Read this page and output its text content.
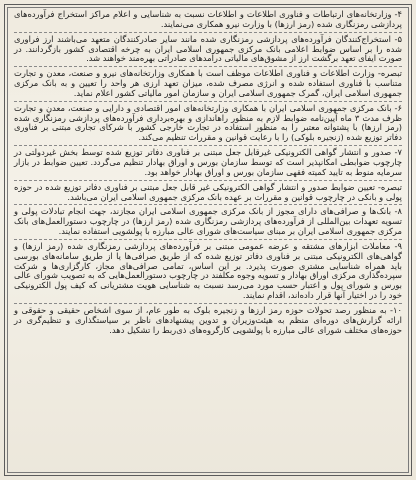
۴- وزارتخانه‌های ارتباطات و فناوری اطلاعات و اطلاعات نسبت به شناسایی و اعلام مراکز استخراج فرآورده‌های پردازشی رمزنگاری شده (رمز ارزها) با وزارت نیرو همکاری می‌نمایند.

۵- استخراج‌کنندگان فرآورده‌های پردازشی رمزنگاری شده مانند سایر صادرکنندگان متعهد می‌باشند ارز فراوری شده را بر اساس ضوابط اعلامی بانک مرکزی جمهوری اسلامی ایران به چرخه اقتصادی کشور بازگردانند. در صورت ایفای تعهد برگشت ارز از مشوق‌های مالیاتی درآمدهای صادراتی بهره‌مند خواهند شد.

تبصره- وزارت اطلاعات و فناوری اطلاعات موظف است با همکاری وزارتخانه‌های نیرو و صنعت، معدن و تجارت متناسب با فناوری استفاده شده و انرژی مصرف شده، میزان تعهد ارزی هر واحد را تعیین و به بانک مرکزی جمهوری اسلامی ایران، گمرک جمهوری اسلامی ایران و سازمان امور مالیاتی کشور اعلام نماید.

۶- بانک مرکزی جمهوری اسلامی ایران با همکاری وزارتخانه‌های امور اقتصادی و دارایی و صنعت، معدن و تجارت ظرف مدت ۳ ماه آیین‌نامه ضوابط لازم به منظور راهاندازی و بهره‌برداری فرآورده‌های پردازشی رمزنگاری شده (رمز ارزها) با پشتوانه معتبر را به منظور استفاده در تجارت خارجی کشور با شرکای تجاری مبتنی بر فناوری دفاتر توزیع شده (زنجیره بلوکی) را با رعایت قوانین و مقررات تنظیم می‌کند.

۷- صدور و انتشار گواهی الکترونیکی غیرقابل جعل مبتنی بر فناوری دفاتر توزیع شده توسط بخش غیردولتی در چارچوب ضوابطی امکانپذیر است که توسط سازمان بورس و اوراق بهادار تنظیم می‌گردد. تعیین ضوابط در بازار سرمایه منوط به تایید کمیته فقهی سازمان بورس و اوراق بهادار خواهد بود.

تبصره- تعیین ضوابط صدور و انتشار گواهی الکترونیکی غیر قابل جعل مبتنی بر فناوری دفاتر توزیع شده در حوزه پولی و بانکی در چارچوب قوانین و مقررات بر عهده بانک مرکزی جمهوری اسلامی ایران می‌باشد.

۸- بانک‌ها و صرافی‌های دارای مجوز از بانک مرکزی جمهوری اسلامی ایران مجازند، جهت انجام تبادلات پولی و تسویه تعهدات بین‌المللی از فرآورده‌های پردازشی رمزنگاری شده (رمز ارزها) در چارچوب دستورالعمل‌های بانک مرکزی جمهوری اسلامی ایران بر مبنای سیاست‌های شورای عالی مبارزه با پولشویی استفاده نمایند.

۹- معاملات ابزارهای مشتقه و عرضه عمومی مبتنی بر فرآورده‌های پردازشی رمزنگاری شده (رمز ارزها) و گواهی‌های الکترونیکی مبتنی بر فناوری دفاتر توزیع شده که از طریق صرافی‌ها یا از طریق سامانه‌های بورسی باید همراه شناسایی مشتری صورت پذیرد. بر این اساس، تمامی صرافی‌های مجاز، کارگزاری‌ها و شرکت سپرده‌گذاری مرکزی اوراق بهادار و تسویه وجوه مکلفند در چارچوب دستورالعمل‌هایی که به تصویب شورای عالی بورس و شورای پول و اعتبار حسب مورد می‌رسد نسبت به شناسایی هویت مشتریانی که کیف پول الکترونیکی خود را در اختیار آنها قرار داده‌اند، اقدام نمایند.

۱۰- به منظور رصد تحولات حوزه رمز ارزها و زنجیره بلوک به طور عام، از سوی اشخاص حقیقی و حقوقی و ارائه گزارش‌های دوره‌ای منظم به هیئت‌وزیران و تدوین پیشنهادهای ناظر بر سیاستگذاری و تنظیم‌گری در حوزه‌های مختلف شورای عالی مبارزه با پولشویی کارگروه‌های ذی‌ربط را تشکیل دهد.
